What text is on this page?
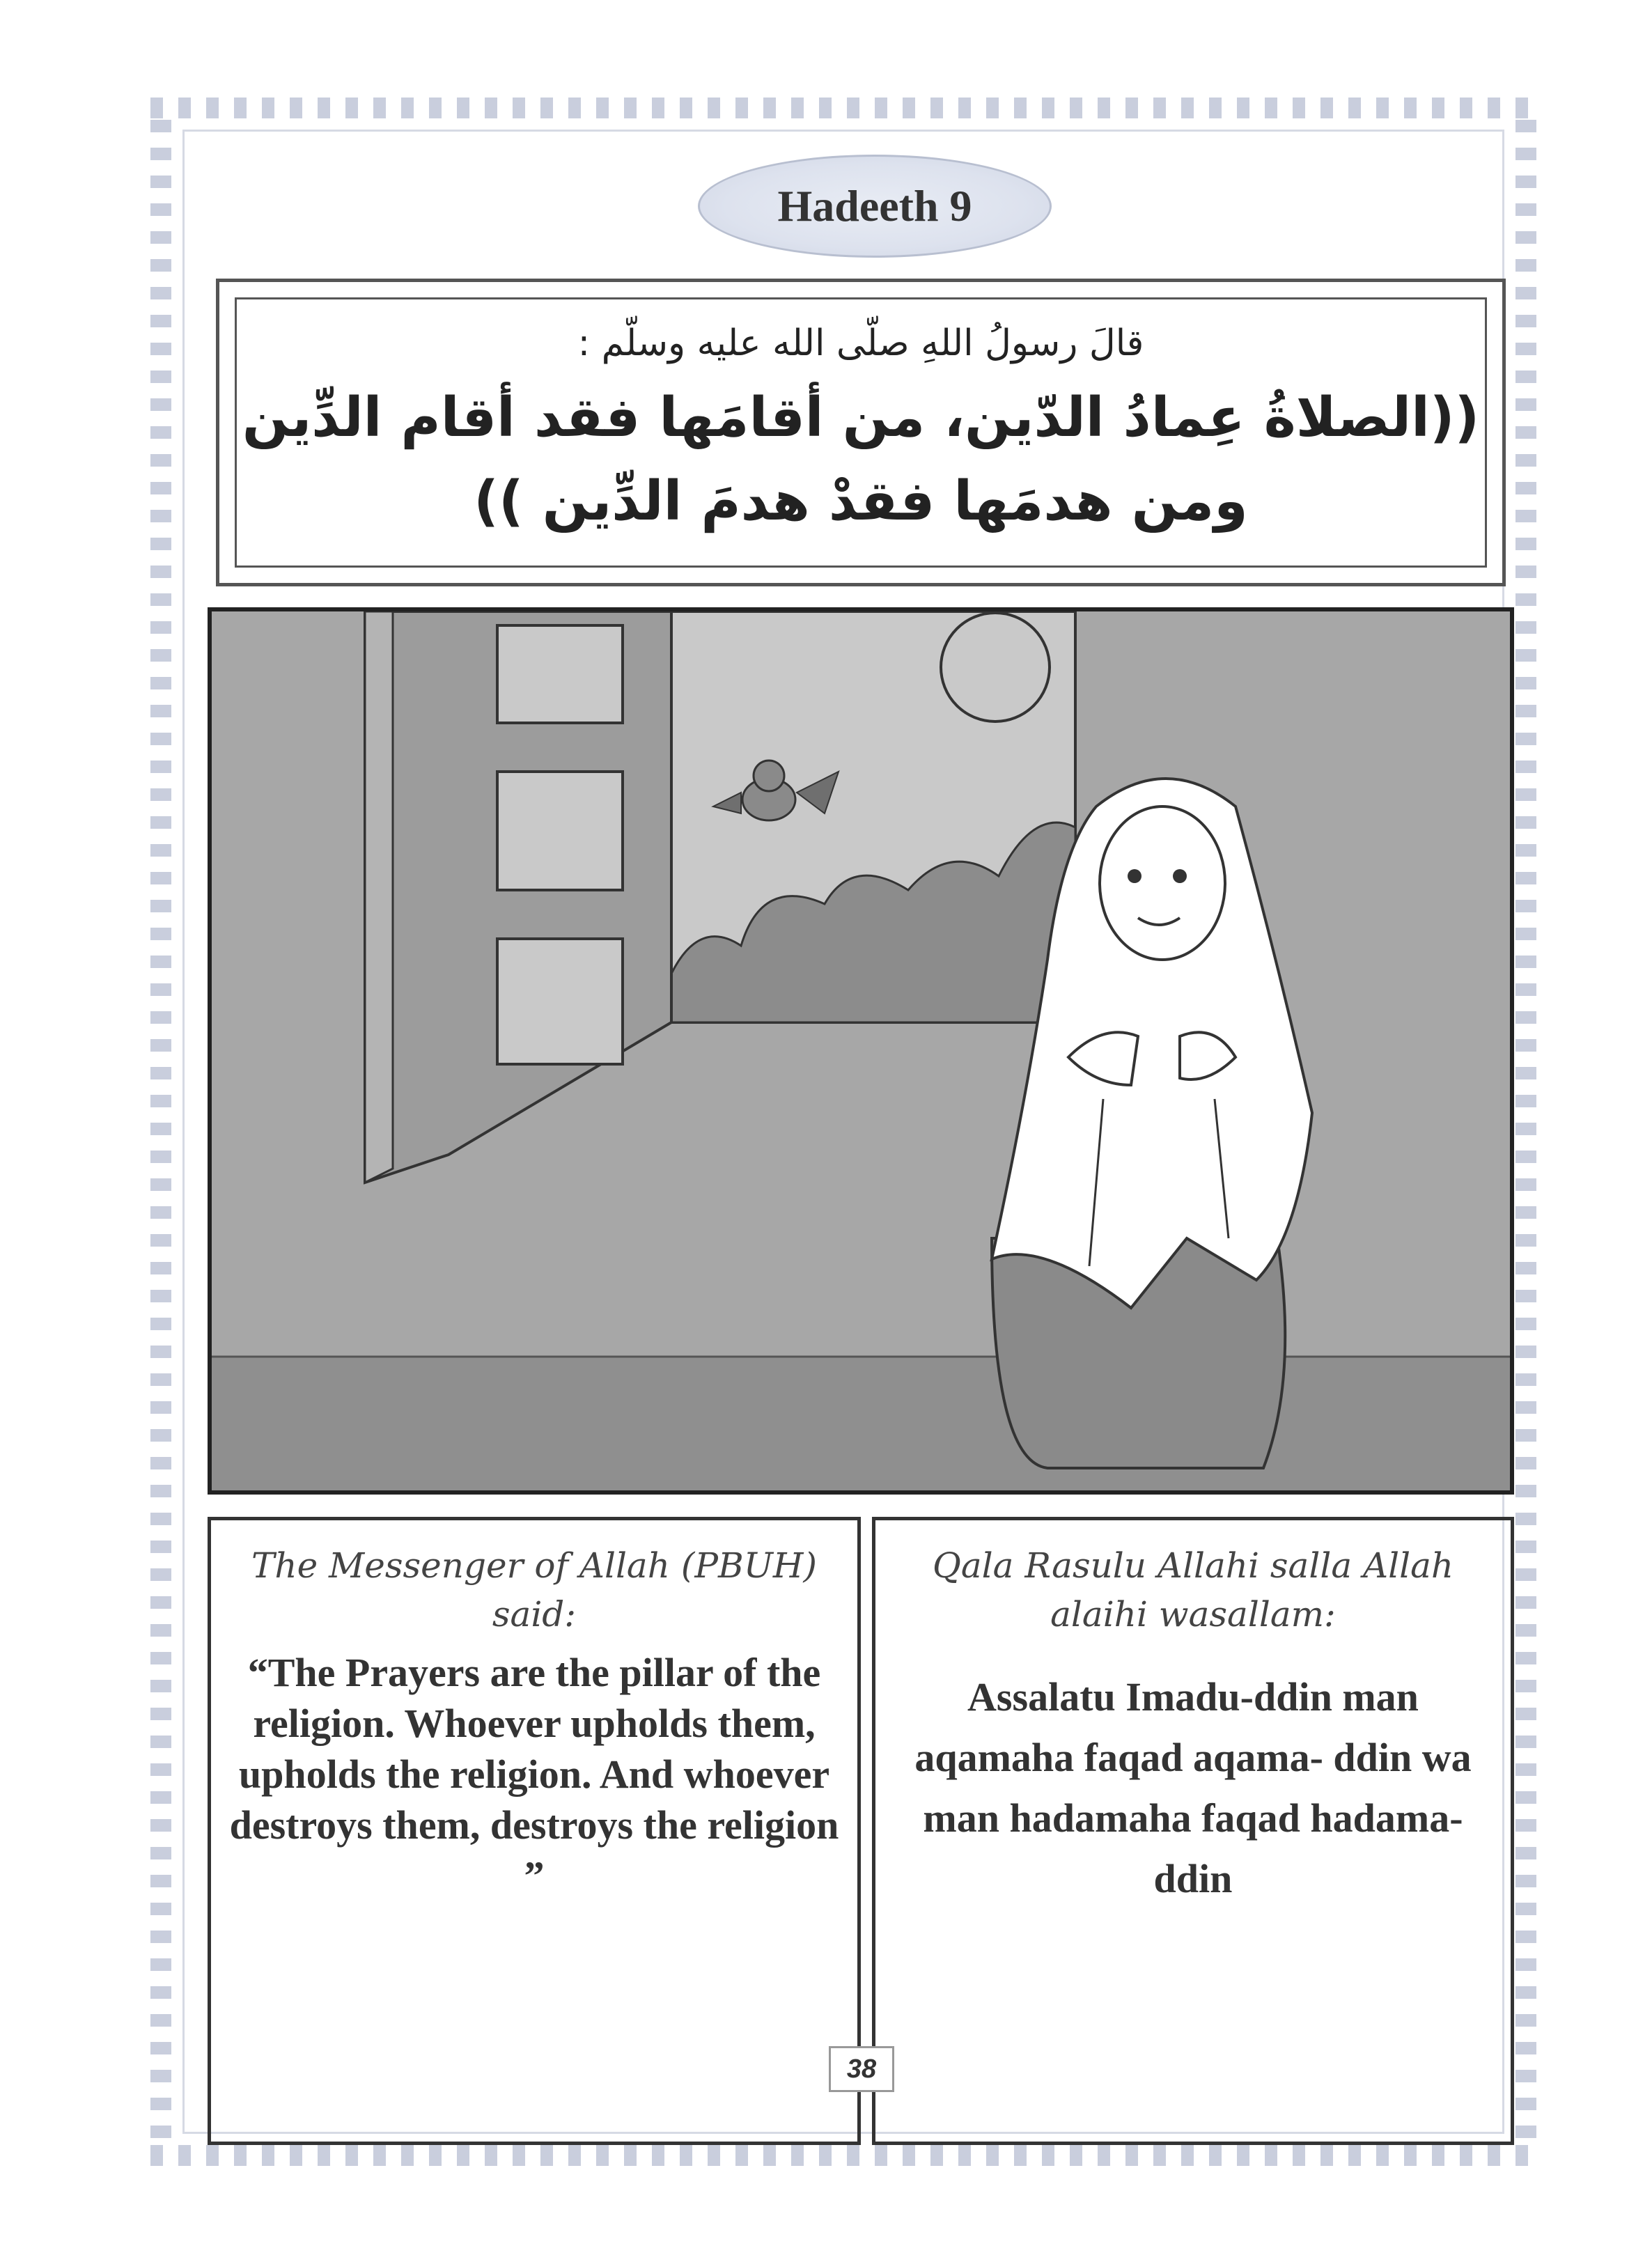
Hadeeth 9
قالَ رسولُ اللهِ صلّى الله عليه وسلّم :
((الصلاةُ عِمادُ الدّين، من أقامَها فقد أقام الدِّين
ومن هدمَها فقدْ هدمَ الدِّين ))
The Messenger of Allah (PBUH) said:
“The Prayers are the pillar of the religion. Whoever upholds them, upholds the religion. And whoever destroys them, destroys the religion ”
Qala Rasulu Allahi salla Allah alaihi wasallam:
Assalatu Imadu-ddin man aqamaha faqad aqama- ddin wa man hadamaha faqad hadama-ddin
38
